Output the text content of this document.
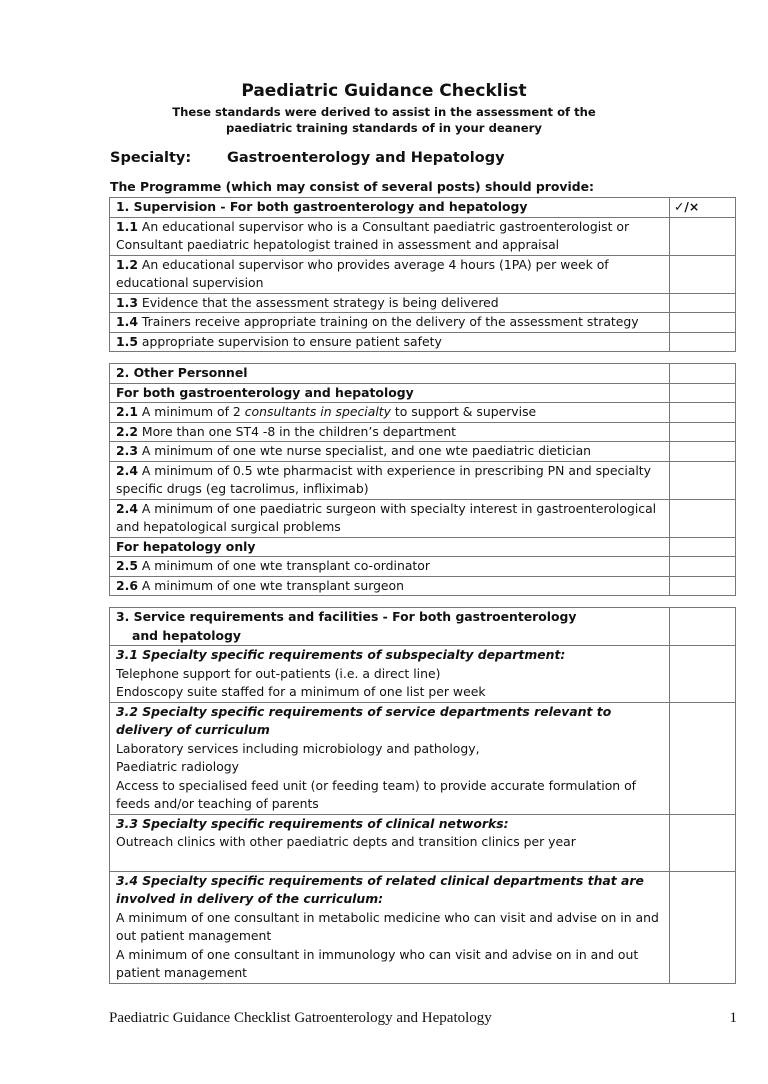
Paediatric Guidance Checklist
These standards were derived to assist in the assessment of the paediatric training standards of in your deanery
Specialty:	Gastroenterology and Hepatology
The Programme (which may consist of several posts) should provide:
1. Supervision - For both gastroenterology and hepatology	✓/×
1.1 An educational supervisor who is a Consultant paediatric gastroenterologist or Consultant paediatric hepatologist trained in assessment and appraisal	
1.2 An educational supervisor who provides average 4 hours (1PA) per week of educational supervision	
1.3 Evidence that the assessment strategy is being delivered	
1.4 Trainers receive appropriate training on the delivery of the assessment strategy	
1.5 appropriate supervision to ensure patient safety	
2. Other Personnel	
For both gastroenterology and hepatology	
2.1 A minimum of 2 consultants in specialty to support & supervise	
2.2 More than one ST4 -8 in the children’s department	
2.3 A minimum of one wte nurse specialist, and one wte paediatric dietician	
2.4 A minimum of 0.5 wte pharmacist with experience in prescribing PN and specialty specific drugs (eg tacrolimus, infliximab)	
2.4 A minimum of one paediatric surgeon with specialty interest in gastroenterological and hepatological surgical problems	
For hepatology only	
2.5 A minimum of one wte transplant co-ordinator	
2.6 A minimum of one wte transplant surgeon	
3. Service requirements and facilities - For both gastroenterology
and hepatology	

3.1 Specialty specific requirements of subspecialty department:
Telephone support for out-patients (i.e. a direct line)
Endoscopy suite staffed for a minimum of one list per week	

3.2 Specialty specific requirements of service departments relevant to delivery of curriculum
Laboratory services including microbiology and pathology,
Paediatric radiology
Access to specialised feed unit (or feeding team) to provide accurate formulation of feeds and/or teaching of parents	

3.3 Specialty specific requirements of clinical networks:
Outreach clinics with other paediatric depts and transition clinics per year	

3.4 Specialty specific requirements of related clinical departments that are involved in delivery of the curriculum:
A minimum of one consultant in metabolic medicine who can visit and advise on in and out patient management
A minimum of one consultant in immunology who can visit and advise on in and out patient management	

Paediatric Guidance Checklist Gatroenterology and Hepatology	1
